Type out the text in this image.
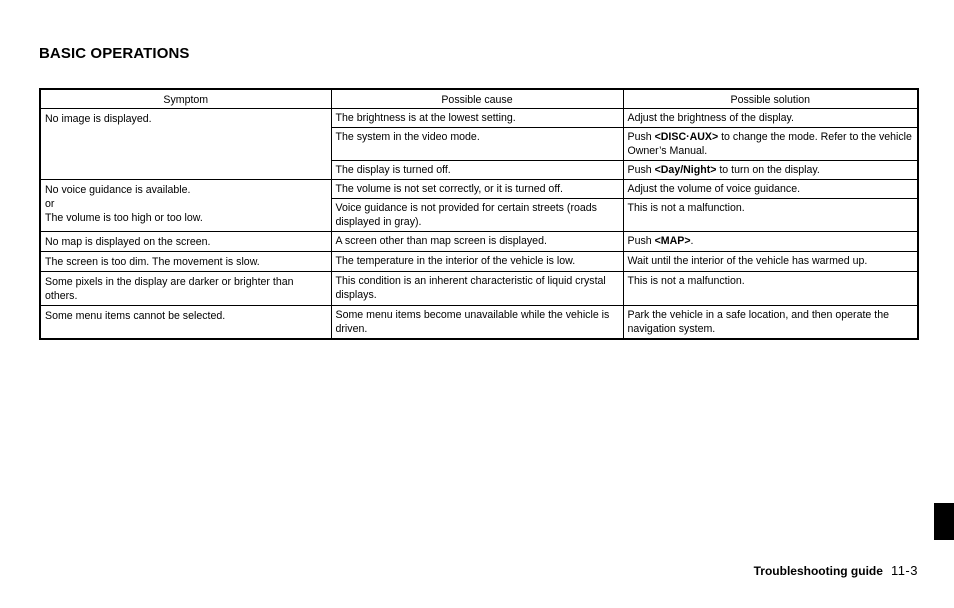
BASIC OPERATIONS
Symptom	Possible cause	Possible solution
No image is displayed.	The brightness is at the lowest setting.	Adjust the brightness of the display.
	The system in the video mode.	Push <DISC·AUX> to change the mode. Refer to the vehicle Owner’s Manual.
	The display is turned off.	Push <Day/Night> to turn on the display.

No voice guidance is available.
or
The volume is too high or too low.	The volume is not set correctly, or it is turned off.	Adjust the volume of voice guidance.
	Voice guidance is not provided for certain streets (roads displayed in gray).	This is not a malfunction.
No map is displayed on the screen.	A screen other than map screen is displayed.	Push <MAP>.
The screen is too dim. The movement is slow.	The temperature in the interior of the vehicle is low.	Wait until the interior of the vehicle has warmed up.
Some pixels in the display are darker or brighter than others.	This condition is an inherent characteristic of liquid crystal displays.	This is not a malfunction.
Some menu items cannot be selected.	Some menu items become unavailable while the vehicle is driven.	Park the vehicle in a safe location, and then operate the navigation system.
Troubleshooting guide 11-3
